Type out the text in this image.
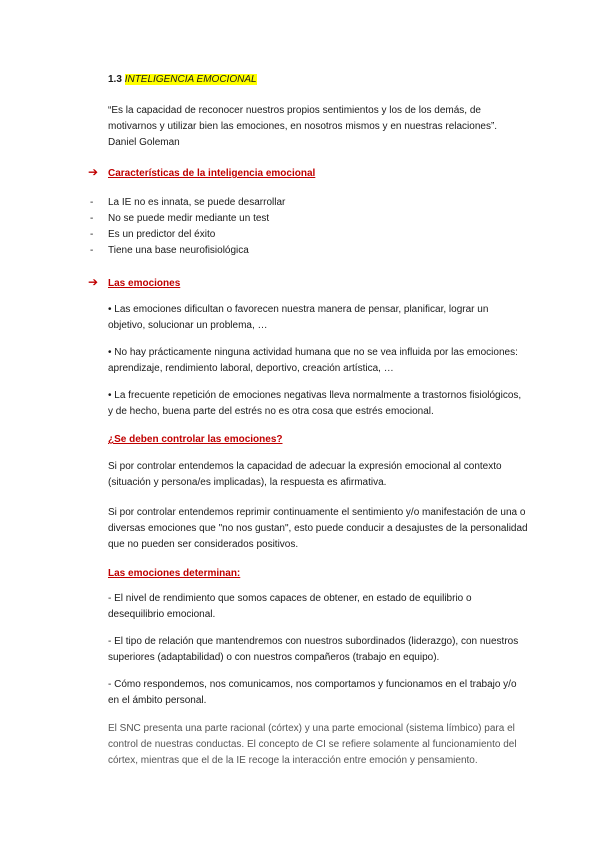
1.3 INTELIGENCIA EMOCIONAL

“Es la capacidad de reconocer nuestros propios sentimientos y los de los demás, de motivarnos y utilizar bien las emociones, en nosotros mismos y en nuestras relaciones”.

Daniel Goleman
➔ Características de la inteligencia emocional
- La IE no es innata, se puede desarrollar
- No se puede medir mediante un test
- Es un predictor del éxito
- Tiene una base neurofisiológica
➔ Las emociones

• Las emociones dificultan o favorecen nuestra manera de pensar, planificar, lograr un objetivo, solucionar un problema, …

• No hay prácticamente ninguna actividad humana que no se vea influida por las emociones: aprendizaje, rendimiento laboral, deportivo, creación artística, …

• La frecuente repetición de emociones negativas lleva normalmente a trastornos fisiológicos, y de hecho, buena parte del estrés no es otra cosa que estrés emocional.

¿Se deben controlar las emociones?

Si por controlar entendemos la capacidad de adecuar la expresión emocional al contexto (situación y persona/es implicadas), la respuesta es afirmativa.

Si por controlar entendemos reprimir continuamente el sentimiento y/o manifestación de una o diversas emociones que "no nos gustan", esto puede conducir a desajustes de la personalidad que no pueden ser considerados positivos.

Las emociones determinan:

- El nivel de rendimiento que somos capaces de obtener, en estado de equilibrio o desequilibrio emocional.

- El tipo de relación que mantendremos con nuestros subordinados (liderazgo), con nuestros superiores (adaptabilidad) o con nuestros compañeros (trabajo en equipo).

- Cómo respondemos, nos comunicamos, nos comportamos y funcionamos en el trabajo y/o en el ámbito personal.

El SNC presenta una parte racional (córtex) y una parte emocional (sistema límbico) para el control de nuestras conductas. El concepto de CI se refiere solamente al funcionamiento del córtex, mientras que el de la IE recoge la interacción entre emoción y pensamiento.
